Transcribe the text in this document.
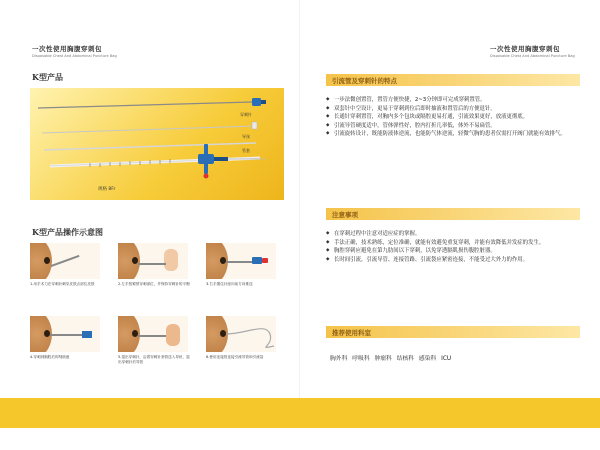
一次性使用胸腹穿刺包
Disposable Chest And Abdominal Puncture Bag
K型产品
穿刺针
导丝
管套
规格 8Fr
K型产品操作示意图
1.用手术刀在穿刺针刺穿皮肤点部位皮肤	2.左手按紧预穿刺部位，并保持穿刺针的平衡	3.右手握住针座向前方向推送
4.穿刺到胸腔后即刻抽液	5.退出穿刺针，沿着穿刺针套管送入导丝，退出穿刺针后导管
6.使用连接管连接引流导管和引流袋
一次性使用胸腹穿刺包
Disposable Chest And Abdominal Puncture Bag
引流管及穿刺针的特点
◆ 一步法微创置管，置管方便快捷，2~3分钟即可完成穿刺置管。
◆ 双套针中空设计，更易于穿刺到位后即时抽液和置管后的方便退针。
◆ 长通针穿刺置管，对胸内多个包块或隔腔更易打通，引流效果更好，放液更彻底。
◆ 引流导管硬度适中，管体弹性好，腔内打折几率低，体外不易扁管。
◆ 引流旋转设计，既能防液体逆流，也能防气体逆流，轻微气胸的患者仅需打开阀门就能有效排气。
注意事项
◆ 在穿刺过程中注意对适应症的掌握。
◆ 手法正确，技术熟练，定位准确，就能有效避免重复穿刺，并能有效降低并发症的发生。
◆ 胸腔穿刺应避免在第九肋间以下穿刺，以免穿透膈肌损伤腹腔脏器。
◆ 长时间引流，引流导管、连接管路、引流袋应紧密连接，不能受过大外力的作用。
推荐使用科室
胸外科 呼吸科 肿瘤科 结核科 感染科 ICU
